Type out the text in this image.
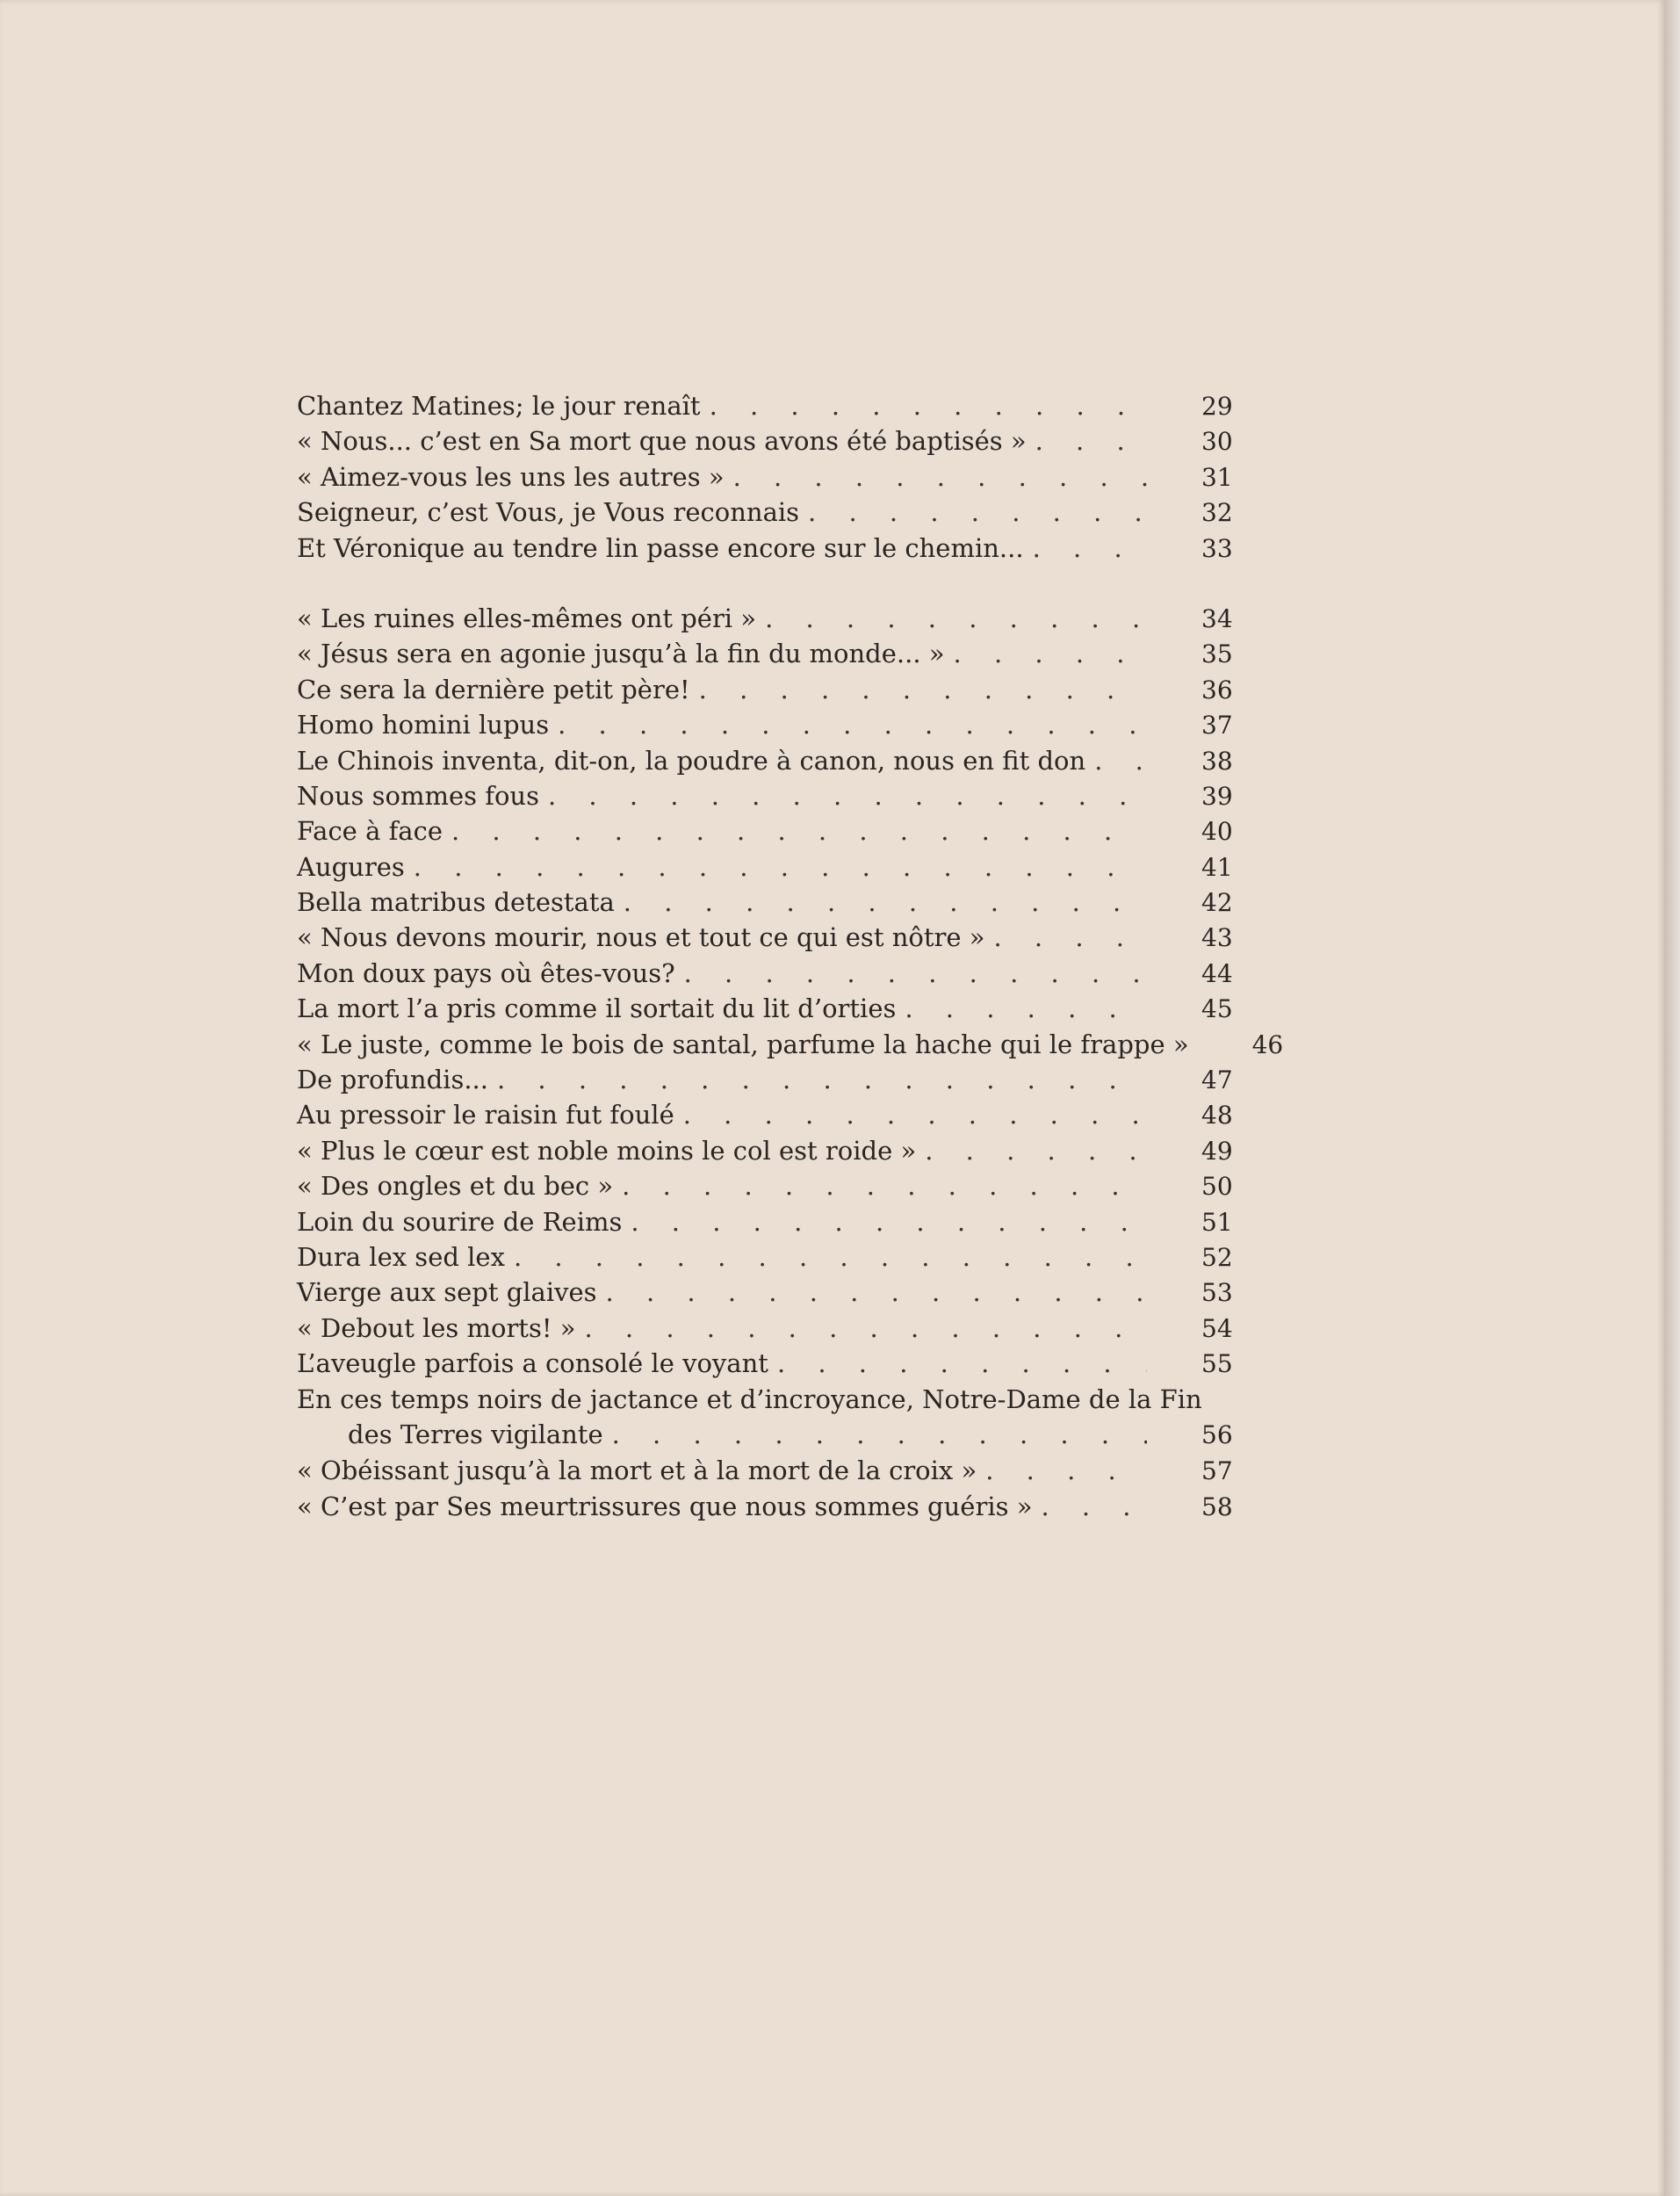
Chantez Matines; le jour renaît . . .	29
« Nous... c’est en Sa mort que nous avons été baptisés » . . .	30
« Aimez-vous les uns les autres » . . .	31
Seigneur, c’est Vous, je Vous reconnais . . .	32
Et Véronique au tendre lin passe encore sur le chemin... . . .	33
« Les ruines elles-mêmes ont péri » . . .	34
« Jésus sera en agonie jusqu’à la fin du monde... » . . .	35
Ce sera la dernière petit père! . . .	36
Homo homini lupus . . .	37
Le Chinois inventa, dit-on, la poudre à canon, nous en fit don . . .	38
Nous sommes fous . . .	39
Face à face . . .	40
Augures . . .	41
Bella matribus detestata . . .	42
« Nous devons mourir, nous et tout ce qui est nôtre » . . .	43
Mon doux pays où êtes-vous? . . .	44
La mort l’a pris comme il sortait du lit d’orties . . .	45
« Le juste, comme le bois de santal, parfume la hache qui le frappe »	46
De profundis... . . .	47
Au pressoir le raisin fut foulé . . .	48
« Plus le cœur est noble moins le col est roide » . . .	49
« Des ongles et du bec » . . .	50
Loin du sourire de Reims . . .	51
Dura lex sed lex . . .	52
Vierge aux sept glaives . . .	53
« Debout les morts! » . . .	54
L’aveugle parfois a consolé le voyant . . .	55
En ces temps noirs de jactance et d’incroyance, Notre-Dame de la Fin
des Terres vigilante . . .	56
« Obéissant jusqu’à la mort et à la mort de la croix » . . .	57
« C’est par Ses meurtrissures que nous sommes guéris » . . .	58
